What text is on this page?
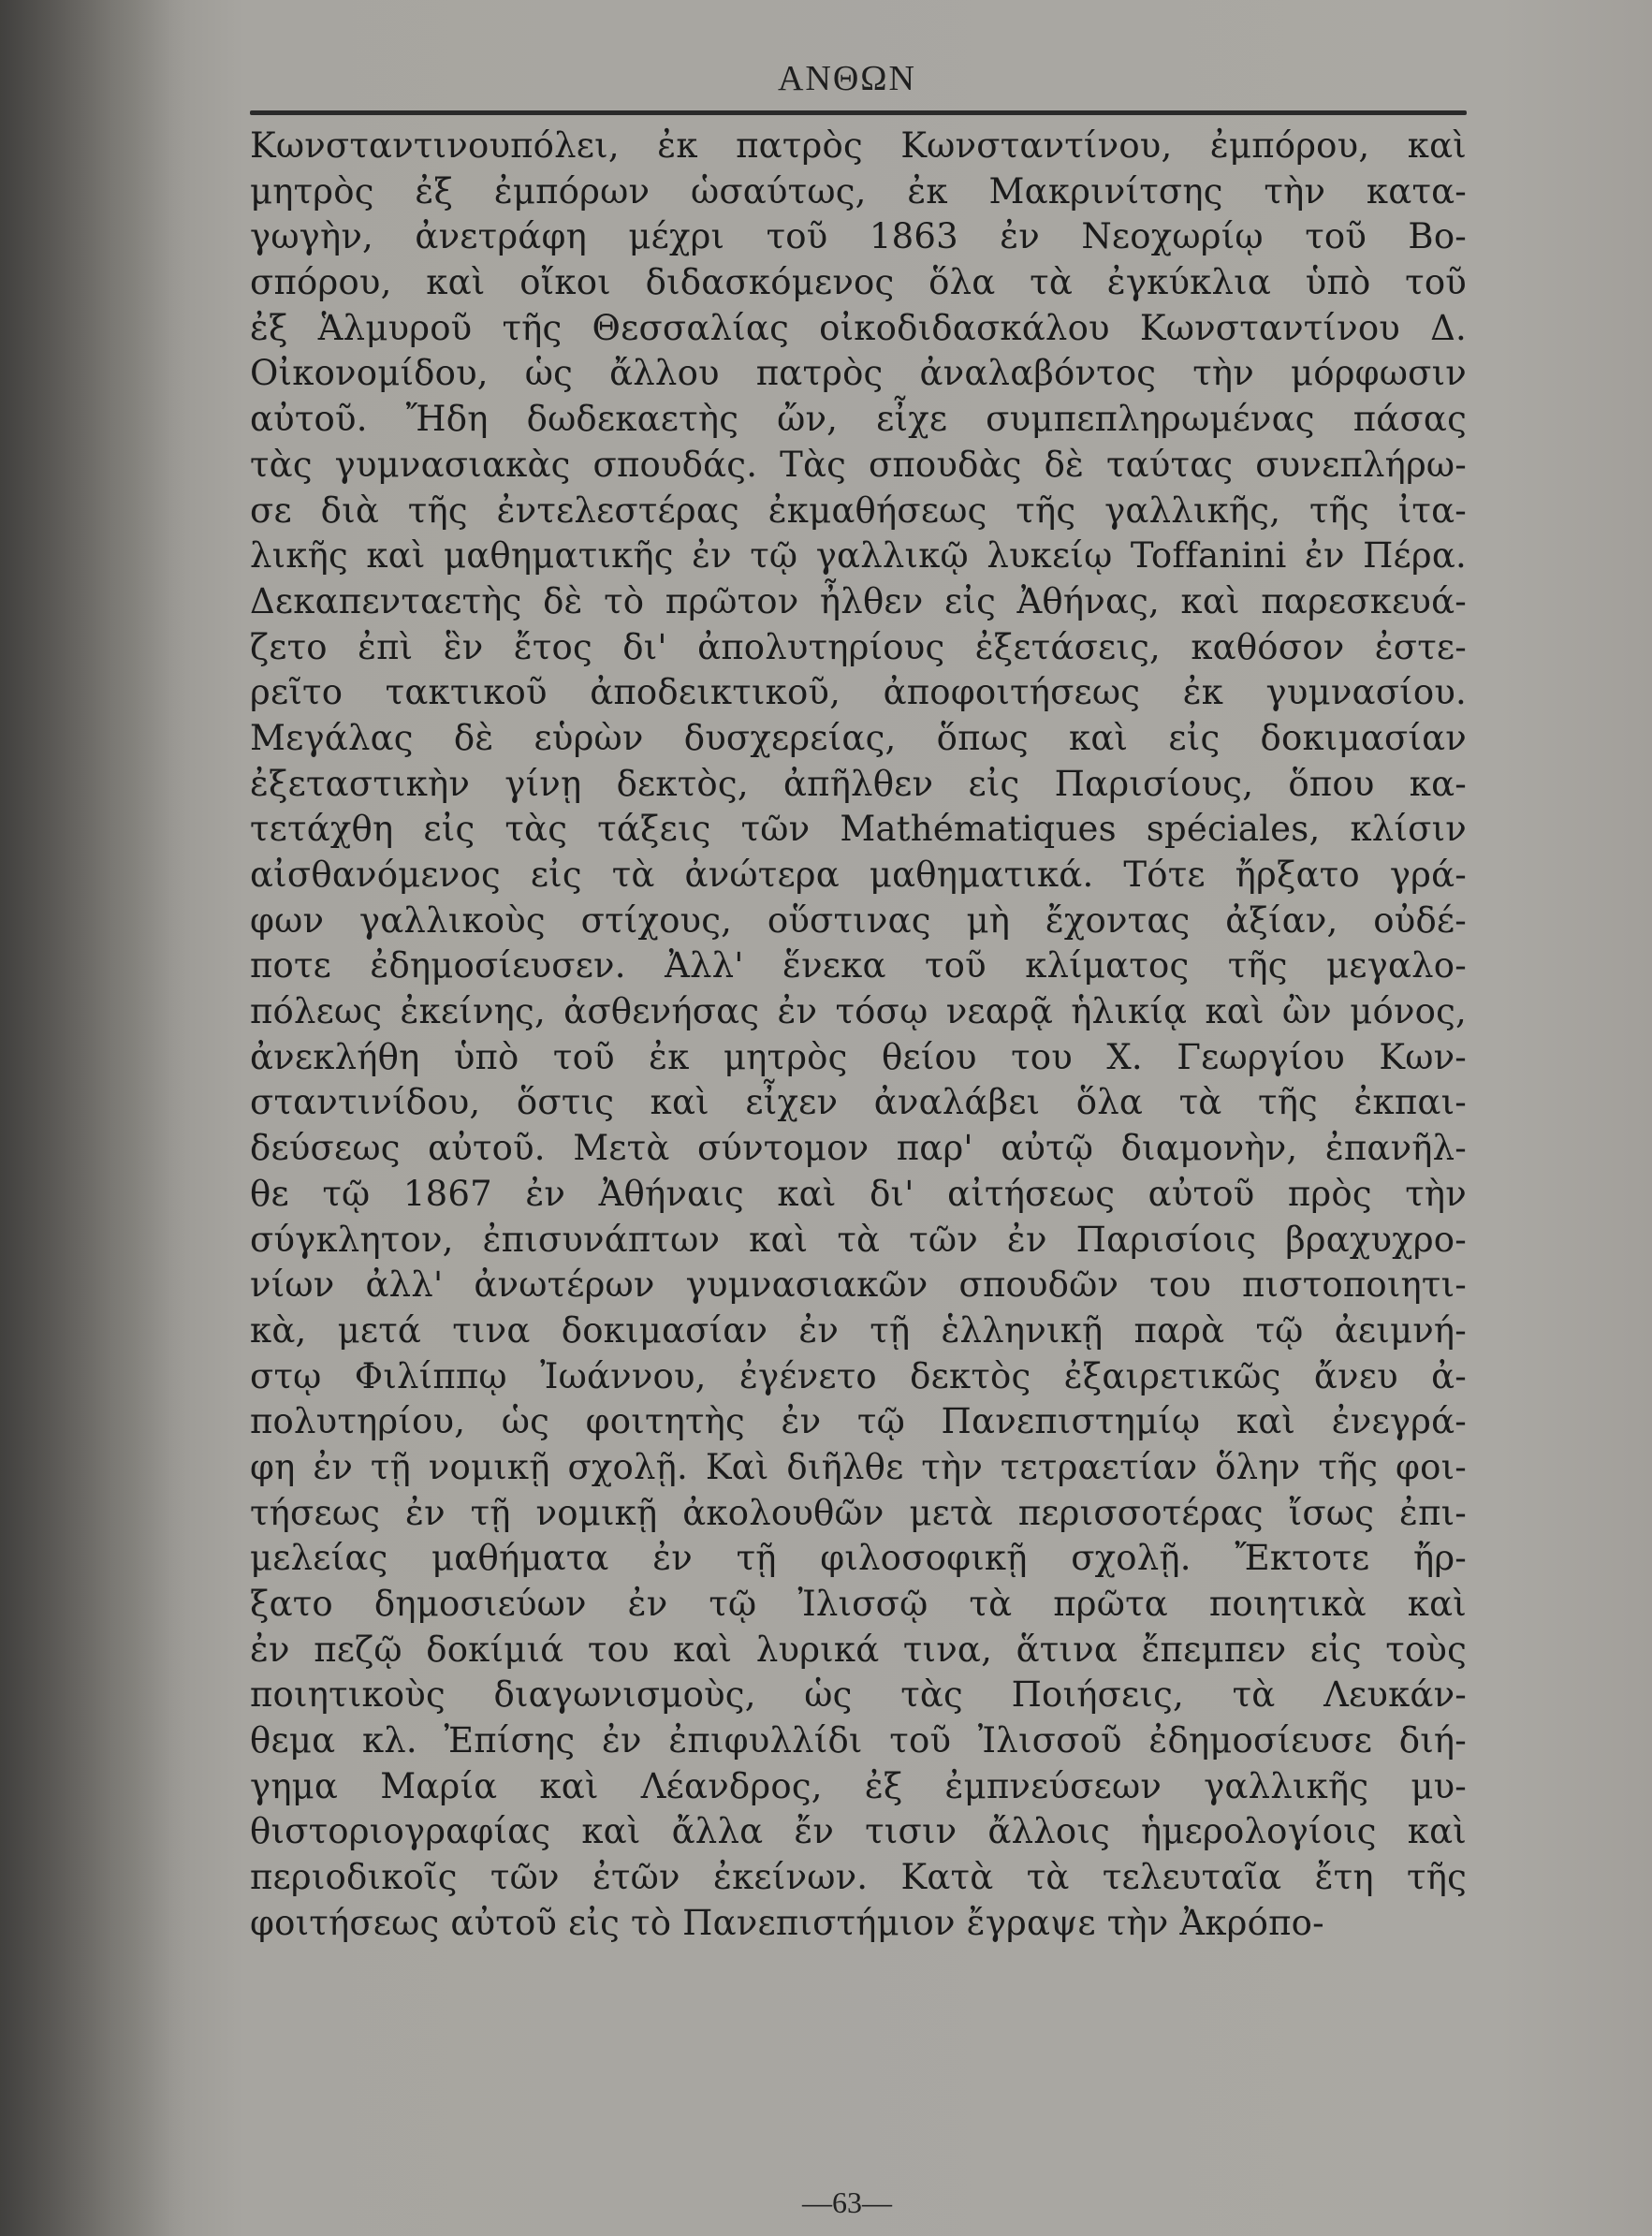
ΑΝΘΩΝ
Κωνσταντινουπόλει, ἐκ πατρὸς Κωνσταντίνου, ἐμπόρου, καὶ
μητρὸς ἐξ ἐμπόρων ὡσαύτως, ἐκ Μακρινίτσης τὴν κατα-
γωγὴν, ἀνετράφη μέχρι τοῦ 1863 ἐν Νεοχωρίῳ τοῦ Βο-
σπόρου, καὶ οἴκοι διδασκόμενος ὅλα τὰ ἐγκύκλια ὑπὸ τοῦ
ἐξ Ἁλμυροῦ τῆς Θεσσαλίας οἰκοδιδασκάλου Κωνσταντίνου Δ.
Οἰκονομίδου, ὡς ἄλλου πατρὸς ἀναλαβόντος τὴν μόρφωσιν
αὐτοῦ. Ἤδη δωδεκαετὴς ὤν, εἶχε συμπεπληρωμένας πάσας
τὰς γυμνασιακὰς σπουδάς. Τὰς σπουδὰς δὲ ταύτας συνεπλήρω-
σε διὰ τῆς ἐντελεστέρας ἐκμαθήσεως τῆς γαλλικῆς, τῆς ἰτα-
λικῆς καὶ μαθηματικῆς ἐν τῷ γαλλικῷ λυκείῳ Toffanini ἐν Πέρα.
Δεκαπενταετὴς δὲ τὸ πρῶτον ἦλθεν εἰς Ἀθήνας, καὶ παρεσκευά-
ζετο ἐπὶ ἓν ἔτος δι' ἀπολυτηρίους ἐξετάσεις, καθόσον ἐστε-
ρεῖτο τακτικοῦ ἀποδεικτικοῦ, ἀποφοιτήσεως ἐκ γυμνασίου.
Μεγάλας δὲ εὑρὼν δυσχερείας, ὅπως καὶ εἰς δοκιμασίαν
ἐξεταστικὴν γίνῃ δεκτὸς, ἀπῆλθεν εἰς Παρισίους, ὅπου κα-
τετάχθη εἰς τὰς τάξεις τῶν Mathématiques spéciales, κλίσιν
αἰσθανόμενος εἰς τὰ ἀνώτερα μαθηματικά. Τότε ἤρξατο γρά-
φων γαλλικοὺς στίχους, οὕστινας μὴ ἔχοντας ἀξίαν, οὐδέ-
ποτε ἐδημοσίευσεν. Ἀλλ' ἕνεκα τοῦ κλίματος τῆς μεγαλο-
πόλεως ἐκείνης, ἀσθενήσας ἐν τόσῳ νεαρᾷ ἡλικίᾳ καὶ ὢν μόνος,
ἀνεκλήθη ὑπὸ τοῦ ἐκ μητρὸς θείου του Χ. Γεωργίου Κων-
σταντινίδου, ὅστις καὶ εἶχεν ἀναλάβει ὅλα τὰ τῆς ἐκπαι-
δεύσεως αὐτοῦ. Μετὰ σύντομον παρ' αὐτῷ διαμονὴν, ἐπανῆλ-
θε τῷ 1867 ἐν Ἀθήναις καὶ δι' αἰτήσεως αὐτοῦ πρὸς τὴν
σύγκλητον, ἐπισυνάπτων καὶ τὰ τῶν ἐν Παρισίοις βραχυχρο-
νίων ἀλλ' ἀνωτέρων γυμνασιακῶν σπουδῶν του πιστοποιητι-
κὰ, μετά τινα δοκιμασίαν ἐν τῇ ἑλληνικῇ παρὰ τῷ ἀειμνή-
στῳ Φιλίππῳ Ἰωάννου, ἐγένετο δεκτὸς ἐξαιρετικῶς ἄνευ ἀ-
πολυτηρίου, ὡς φοιτητὴς ἐν τῷ Πανεπιστημίῳ καὶ ἐνεγρά-
φη ἐν τῇ νομικῇ σχολῇ. Καὶ διῆλθε τὴν τετραετίαν ὅλην τῆς φοι-
τήσεως ἐν τῇ νομικῇ ἀκολουθῶν μετὰ περισσοτέρας ἴσως ἐπι-
μελείας μαθήματα ἐν τῇ φιλοσοφικῇ σχολῇ. Ἔκτοτε ἤρ-
ξατο δημοσιεύων ἐν τῷ Ἰλισσῷ τὰ πρῶτα ποιητικὰ καὶ
ἐν πεζῷ δοκίμιά του καὶ λυρικά τινα, ἅτινα ἔπεμπεν εἰς τοὺς
ποιητικοὺς διαγωνισμοὺς, ὡς τὰς Ποιήσεις, τὰ Λευκάν-
θεμα κλ. Ἐπίσης ἐν ἐπιφυλλίδι τοῦ Ἰλισσοῦ ἐδημοσίευσε διή-
γημα Μαρία καὶ Λέανδρος, ἐξ ἐμπνεύσεων γαλλικῆς μυ-
θιστοριογραφίας καὶ ἄλλα ἔν τισιν ἄλλοις ἡμερολογίοις καὶ
περιοδικοῖς τῶν ἐτῶν ἐκείνων. Κατὰ τὰ τελευταῖα ἔτη τῆς
φοιτήσεως αὐτοῦ εἰς τὸ Πανεπιστήμιον ἔγραψε τὴν Ἀκρόπο-
—63—
